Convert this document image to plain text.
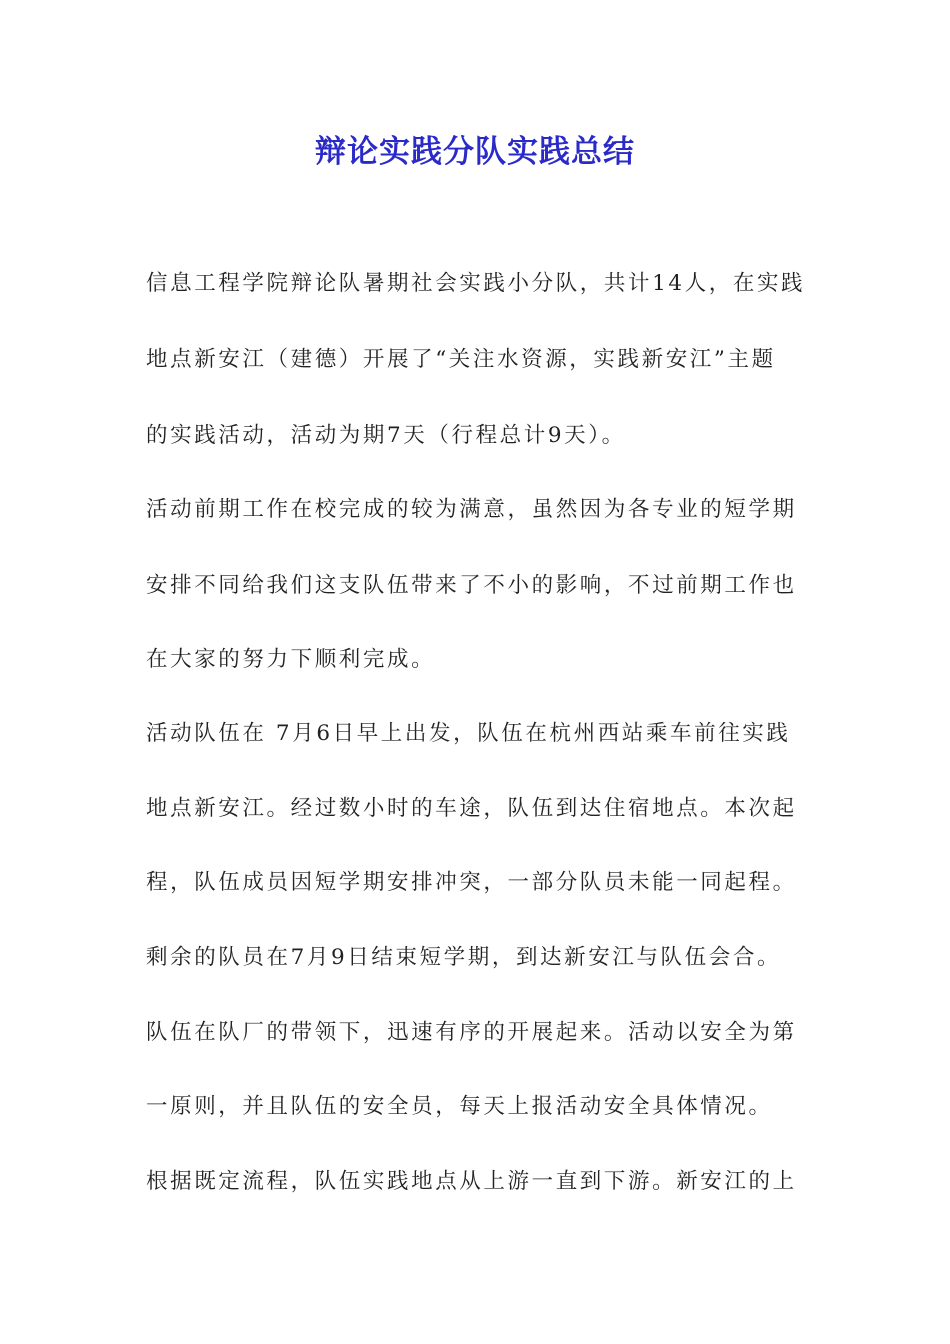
辩论实践分队实践总结

信息工程学院辩论队暑期社会实践小分队，共计14人，在实践

地点新安江（建德）开展了“关注水资源，实践新安江”主题

的实践活动，活动为期7天（行程总计9天）。

活动前期工作在校完成的较为满意，虽然因为各专业的短学期

安排不同给我们这支队伍带来了不小的影响，不过前期工作也

在大家的努力下顺利完成。

活动队伍在 7月6日早上出发，队伍在杭州西站乘车前往实践

地点新安江。经过数小时的车途，队伍到达住宿地点。本次起

程，队伍成员因短学期安排冲突，一部分队员未能一同起程。

剩余的队员在7月9日结束短学期，到达新安江与队伍会合。

队伍在队厂的带领下，迅速有序的开展起来。活动以安全为第

一原则，并且队伍的安全员，每天上报活动安全具体情况。

根据既定流程，队伍实践地点从上游一直到下游。新安江的上
